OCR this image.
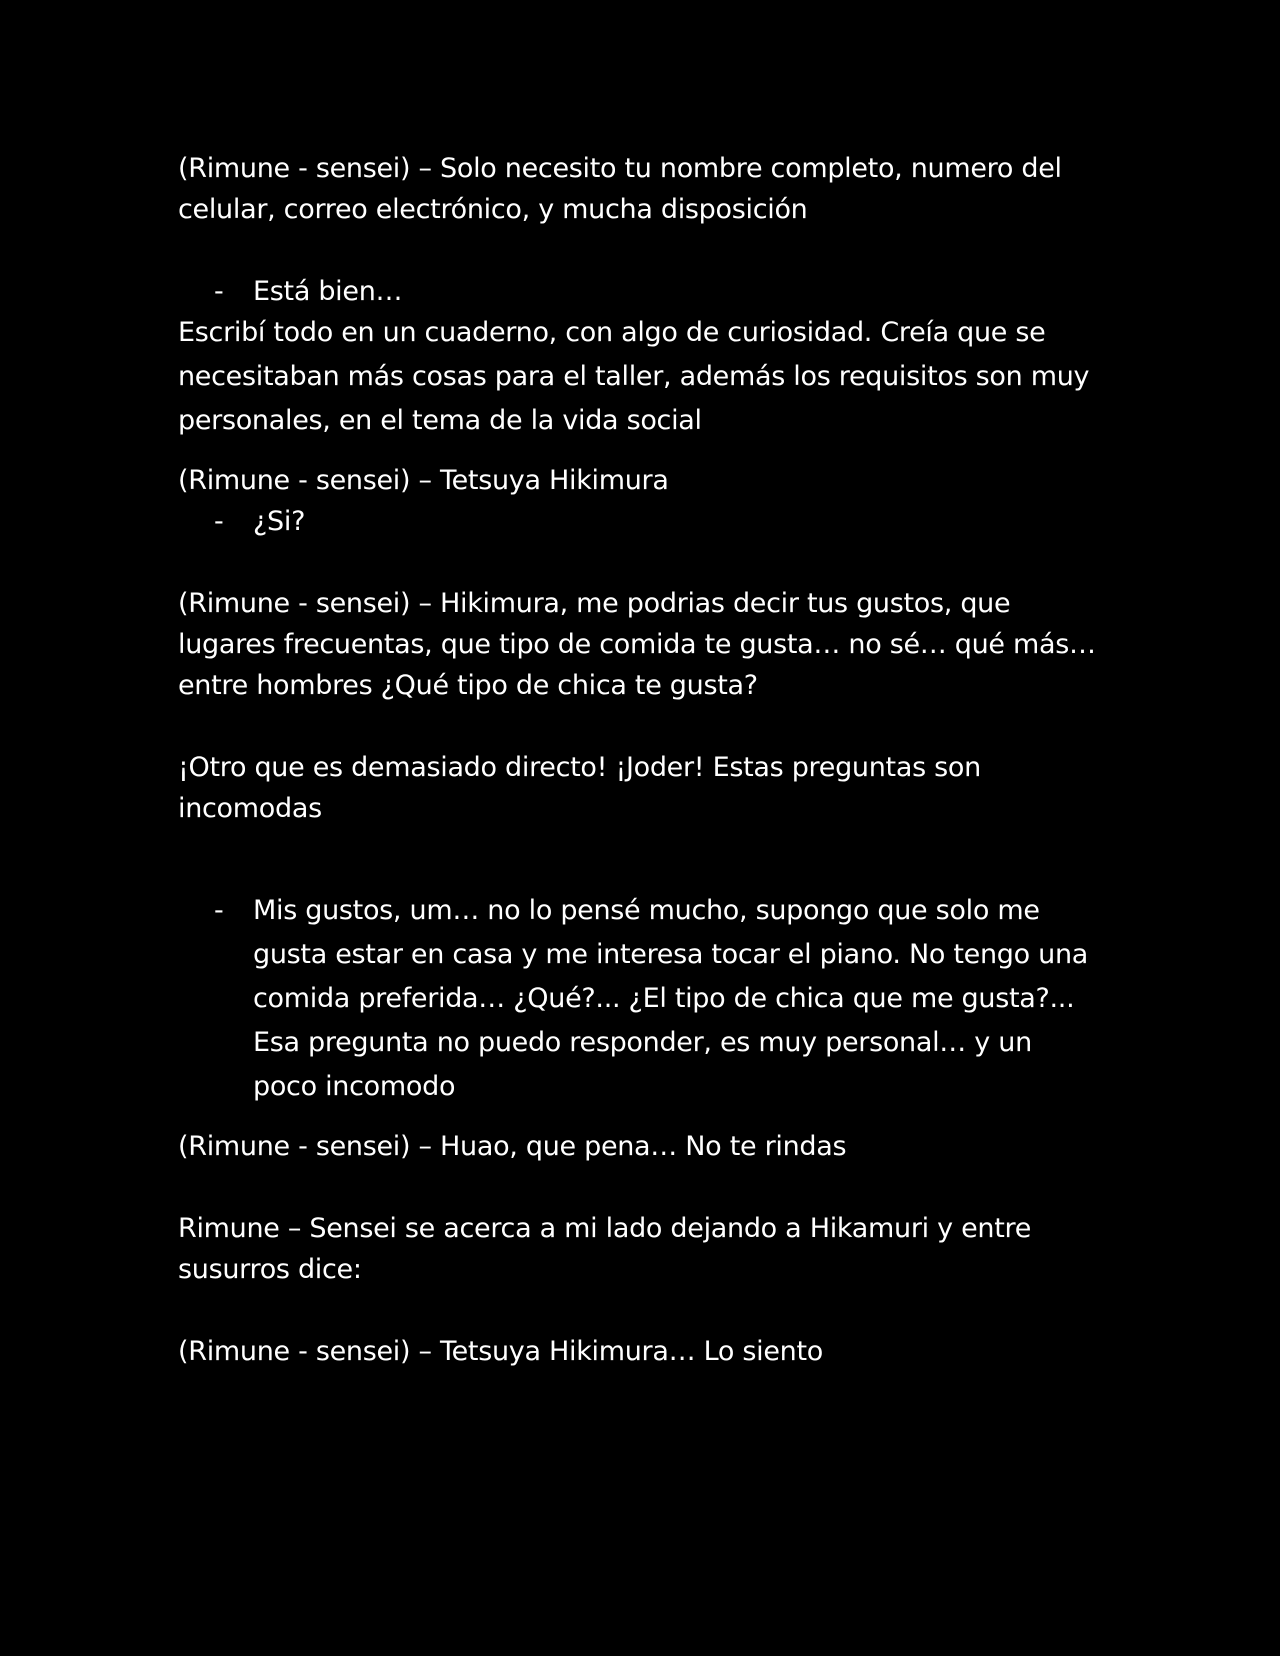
(Rimune - sensei) – Solo necesito tu nombre completo, numero del
celular, correo electrónico, y mucha disposición
-	Está bien…
Escribí todo en un cuaderno, con algo de curiosidad. Creía que se
necesitaban más cosas para el taller, además los requisitos son muy
personales, en el tema de la vida social
(Rimune - sensei) – Tetsuya Hikimura
-	¿Si?
(Rimune - sensei) – Hikimura, me podrias decir tus gustos, que
lugares frecuentas, que tipo de comida te gusta… no sé… qué más…
entre hombres ¿Qué tipo de chica te gusta?
¡Otro que es demasiado directo! ¡Joder! Estas preguntas son
incomodas
-	Mis gustos, um… no lo pensé mucho, supongo que solo me
gusta estar en casa y me interesa tocar el piano. No tengo una
comida preferida… ¿Qué?... ¿El tipo de chica que me gusta?...
Esa pregunta no puedo responder, es muy personal… y un
poco incomodo
(Rimune - sensei) – Huao, que pena… No te rindas
Rimune – Sensei se acerca a mi lado dejando a Hikamuri y entre
susurros dice:
(Rimune - sensei) – Tetsuya Hikimura… Lo siento
